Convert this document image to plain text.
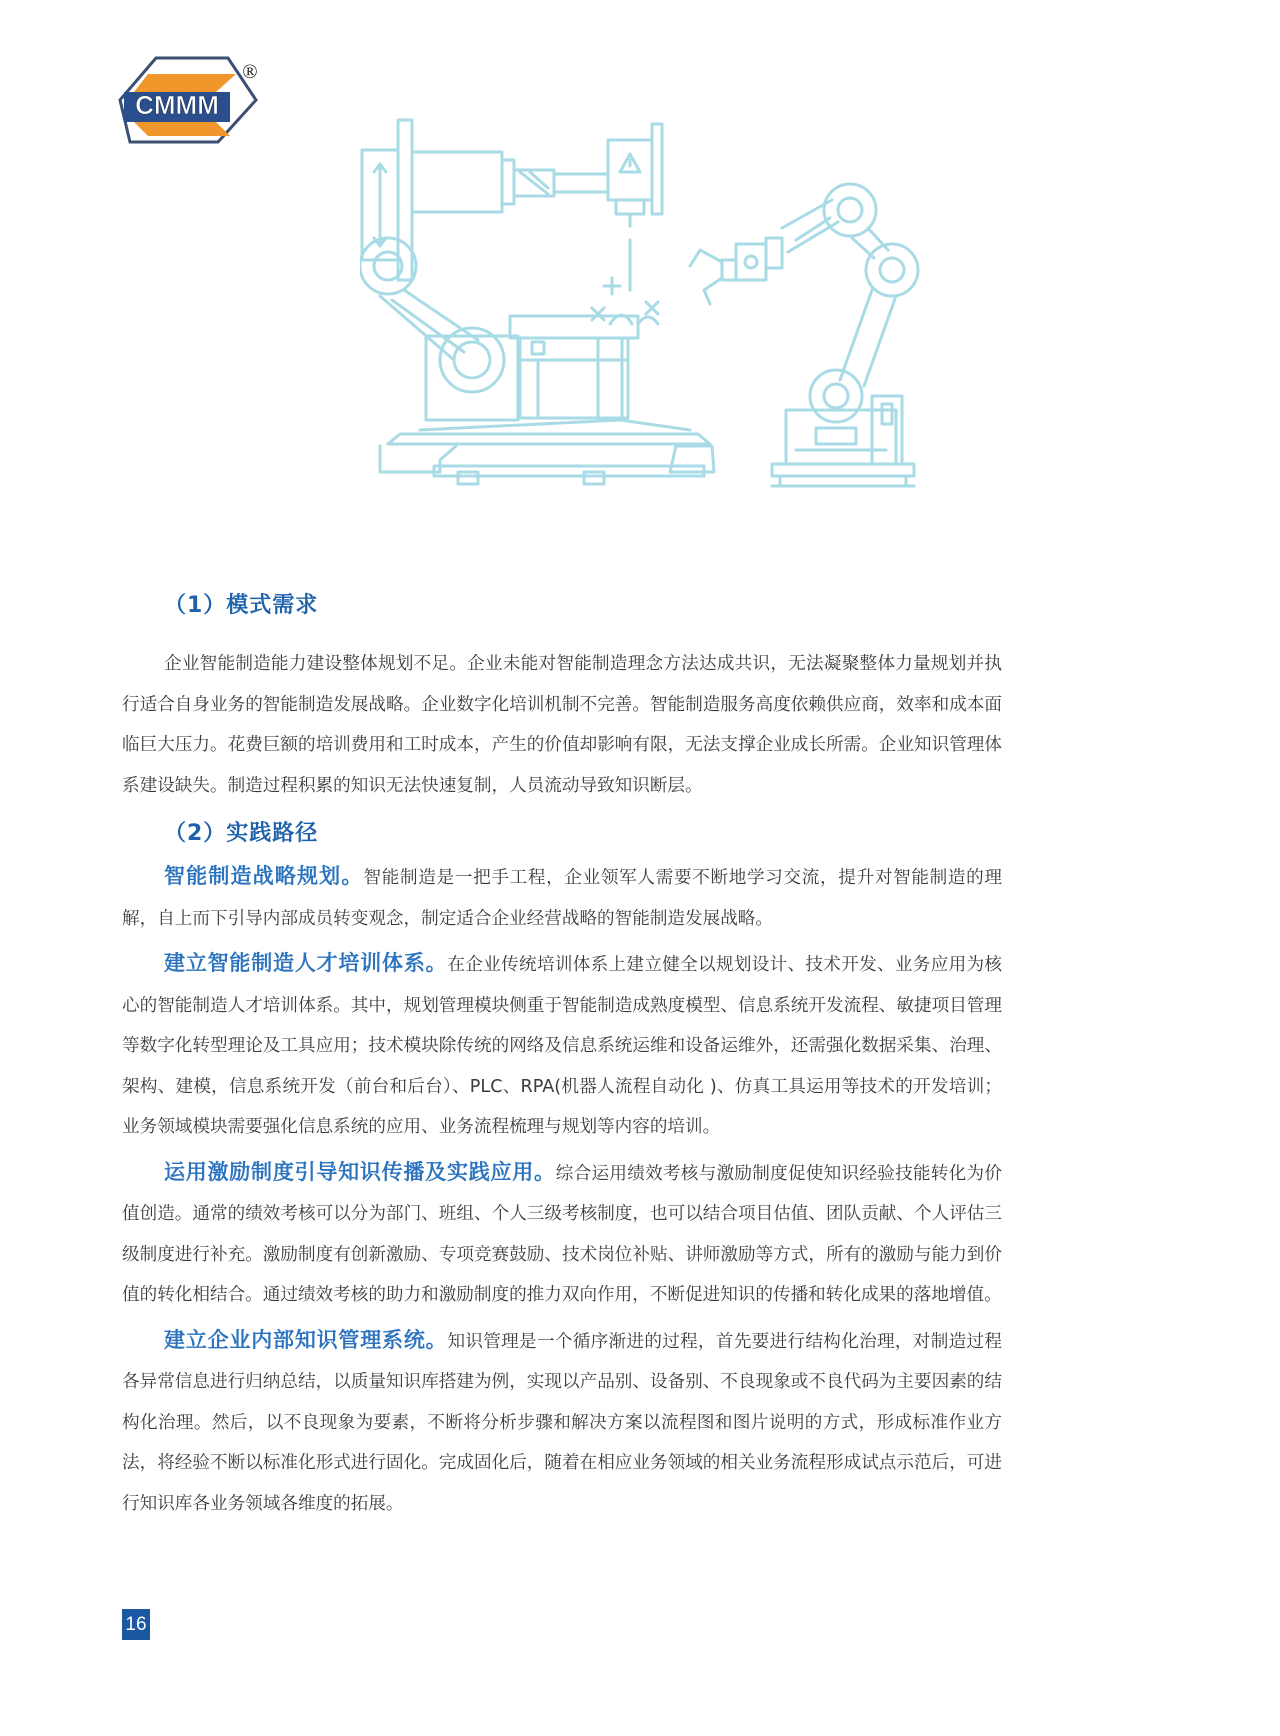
CMMM
®
（1）模式需求

企业智能制造能力建设整体规划不足。企业未能对智能制造理念方法达成共识，无法凝聚整体力量规划并执行适合自身业务的智能制造发展战略。企业数字化培训机制不完善。智能制造服务高度依赖供应商，效率和成本面临巨大压力。花费巨额的培训费用和工时成本，产生的价值却影响有限，无法支撑企业成长所需。企业知识管理体系建设缺失。制造过程积累的知识无法快速复制，人员流动导致知识断层。

（2）实践路径

智能制造战略规划。智能制造是一把手工程，企业领军人需要不断地学习交流，提升对智能制造的理解，自上而下引导内部成员转变观念，制定适合企业经营战略的智能制造发展战略。

建立智能制造人才培训体系。在企业传统培训体系上建立健全以规划设计、技术开发、业务应用为核心的智能制造人才培训体系。其中，规划管理模块侧重于智能制造成熟度模型、信息系统开发流程、敏捷项目管理等数字化转型理论及工具应用；技术模块除传统的网络及信息系统运维和设备运维外，还需强化数据采集、治理、架构、建模，信息系统开发（前台和后台）、PLC、RPA(机器人流程自动化 )、仿真工具运用等技术的开发培训；业务领域模块需要强化信息系统的应用、业务流程梳理与规划等内容的培训。

运用激励制度引导知识传播及实践应用。综合运用绩效考核与激励制度促使知识经验技能转化为价值创造。通常的绩效考核可以分为部门、班组、个人三级考核制度，也可以结合项目估值、团队贡献、个人评估三级制度进行补充。激励制度有创新激励、专项竞赛鼓励、技术岗位补贴、讲师激励等方式，所有的激励与能力到价值的转化相结合。通过绩效考核的助力和激励制度的推力双向作用，不断促进知识的传播和转化成果的落地增值。

建立企业内部知识管理系统。知识管理是一个循序渐进的过程，首先要进行结构化治理，对制造过程各异常信息进行归纳总结，以质量知识库搭建为例，实现以产品别、设备别、不良现象或不良代码为主要因素的结构化治理。然后，以不良现象为要素，不断将分析步骤和解决方案以流程图和图片说明的方式，形成标准作业方法，将经验不断以标准化形式进行固化。完成固化后，随着在相应业务领域的相关业务流程形成试点示范后，可进行知识库各业务领域各维度的拓展。

16
